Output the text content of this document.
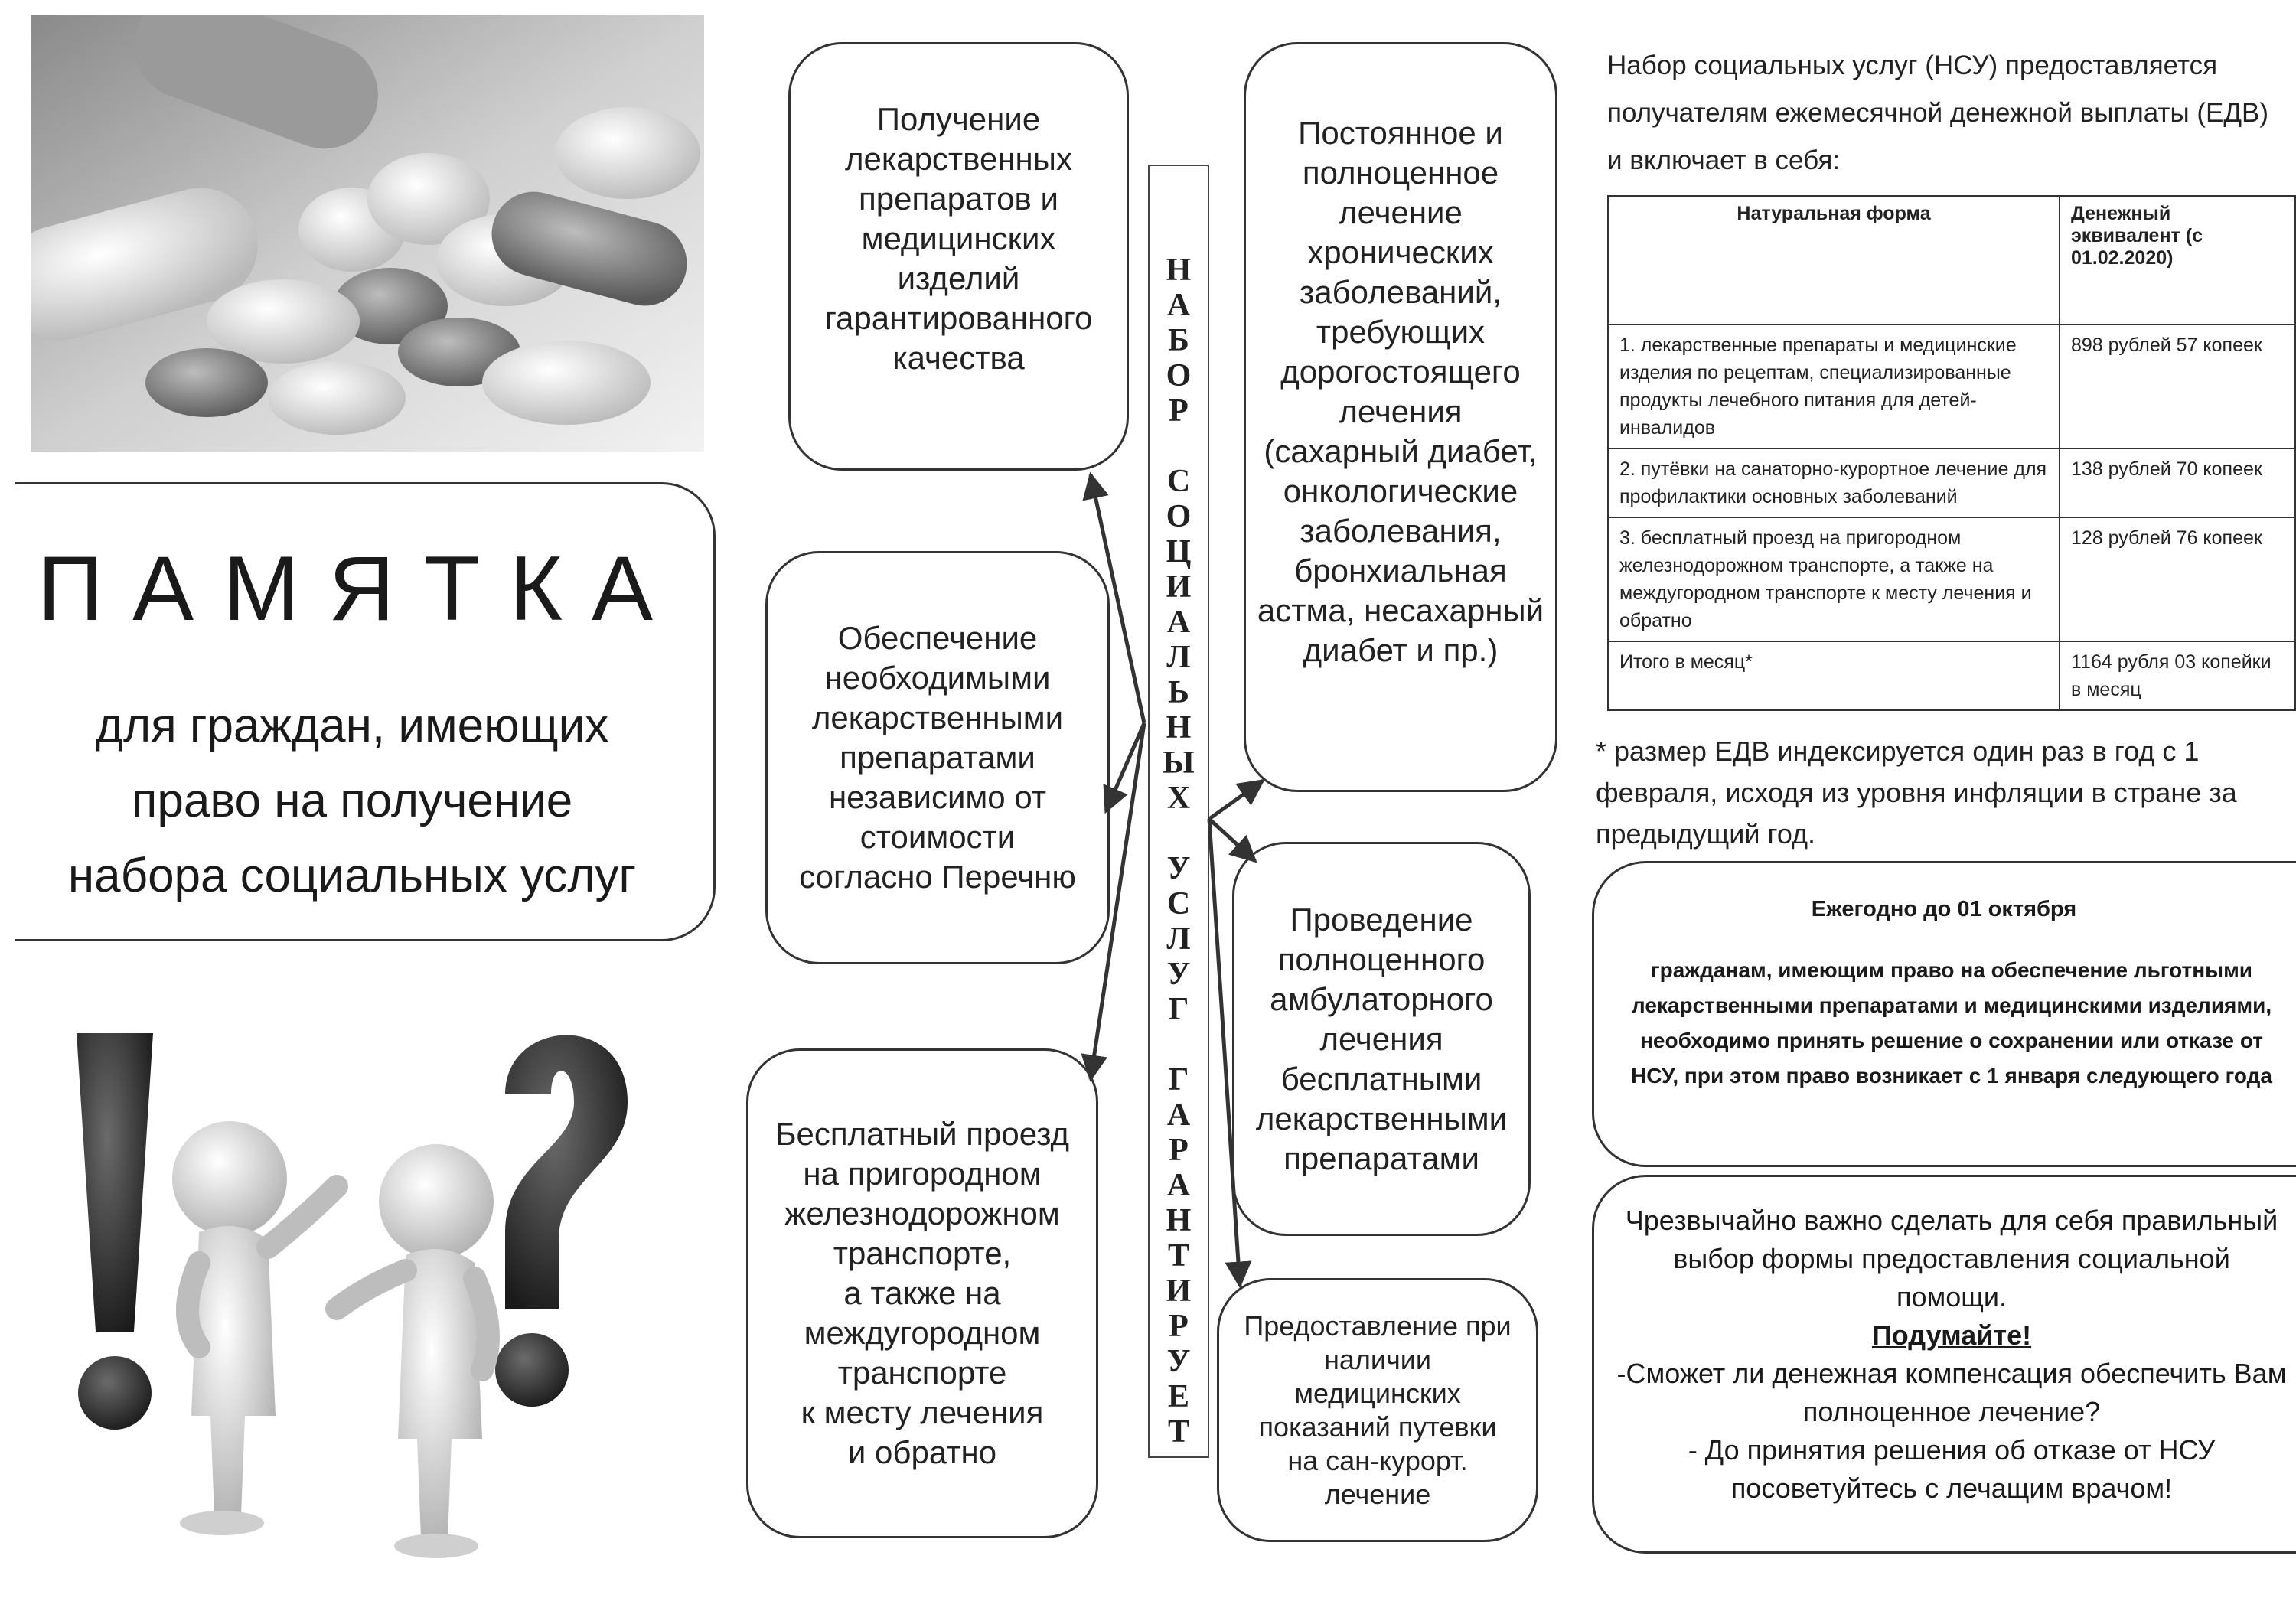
ПАМЯТКА
для граждан, имеющих
право на получение
набора социальных услуг
Н
А
Б
О
Р

С
О
Ц
И
А
Л
Ь
Н
Ы
Х

У
С
Л
У
Г

Г
А
Р
А
Н
Т
И
Р
У
Е
Т
Получение
лекарственных
препаратов и
медицинских
изделий
гарантированного
качества
Обеспечение
необходимыми
лекарственными
препаратами
независимо от
стоимости
согласно Перечню
Бесплатный проезд
на пригородном
железнодорожном
транспорте,
а также на
междугородном
транспорте
к месту лечения
и обратно
Постоянное и
полноценное
лечение
хронических
заболеваний,
требующих
дорогостоящего
лечения
(сахарный диабет,
онкологические
заболевания,
бронхиальная
астма, несахарный
диабет и пр.)
Проведение
полноценного
амбулаторного
лечения
бесплатными
лекарственными
препаратами
Предоставление при
наличии медицинских
показаний путевки
на сан-курорт.
лечение
Набор социальных услуг (НСУ) предоставляется получателям ежемесячной денежной выплаты (ЕДВ) и включает в себя:
Натуральная форма	Денежный эквивалент (с 01.02.2020)
1. лекарственные препараты и медицинские изделия по рецептам, специализированные продукты лечебного питания для детей-инвалидов	898 рублей 57 копеек
2. путёвки на санаторно-курортное лечение для профилактики основных заболеваний	138 рублей 70 копеек
3. бесплатный проезд на пригородном железнодорожном транспорте, а также на междугородном транспорте к месту лечения и обратно	128 рублей 76 копеек
Итого в месяц*	1164 рубля 03 копейки в месяц
* размер ЕДВ индексируется один раз в год с 1 февраля, исходя из уровня инфляции в стране за предыдущий год.
Ежегодно до 01 октября
гражданам, имеющим право на обеспечение льготными лекарственными препаратами и медицинскими изделиями, необходимо принять решение о сохранении или отказе от НСУ, при этом право возникает с 1 января следующего года
Чрезвычайно важно сделать для себя правильный выбор формы предоставления социальной помощи.
Подумайте!
-Сможет ли денежная компенсация обеспечить Вам полноценное лечение?
- До принятия решения об отказе от НСУ посоветуйтесь с лечащим врачом!
